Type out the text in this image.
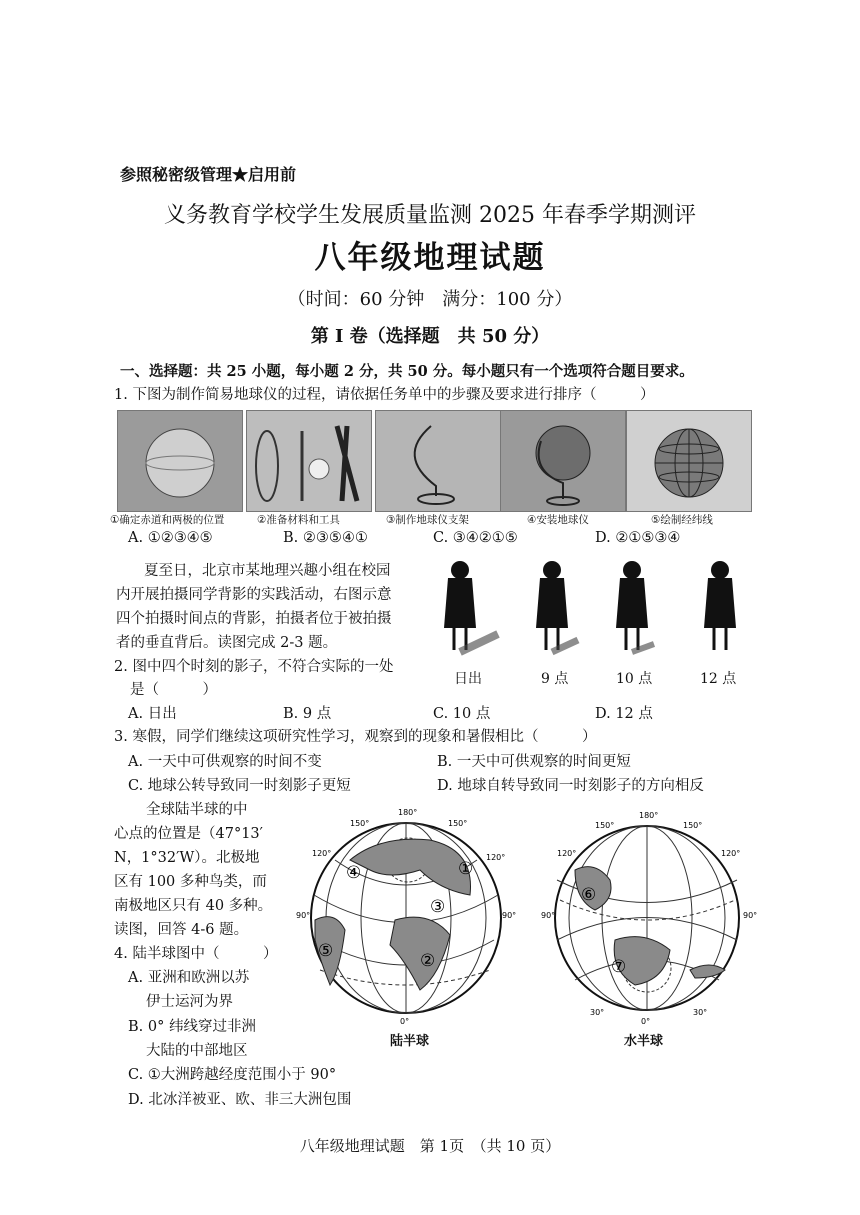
参照秘密级管理★启用前
义务教育学校学生发展质量监测 2025 年春季学期测评
八年级地理试题
（时间：60 分钟　满分：100 分）
第 I 卷（选择题　共 50 分）
一、选择题：共 25 小题，每小题 2 分，共 50 分。每小题只有一个选项符合题目要求。
1. 下图为制作简易地球仪的过程，请依据任务单中的步骤及要求进行排序（　　　）
①确定赤道和两极的位置	②准备材料和工具	③制作地球仪支架	④安装地球仪	⑤绘制经纬线
A. ①②③④⑤	B. ②③⑤④①	C. ③④②①⑤	D. ②①⑤③④
夏至日，北京市某地理兴趣小组在校园
内开展拍摄同学背影的实践活动，右图示意
四个拍摄时间点的背影，拍摄者位于被拍摄
者的垂直背后。读图完成 2-3 题。
日出	9 点	10 点	12 点
2. 图中四个时刻的影子，不符合实际的一处
是（　　　）
A. 日出	B. 9 点	C. 10 点	D. 12 点
3. 寒假，同学们继续这项研究性学习，观察到的现象和暑假相比（　　　）
A. 一天中可供观察的时间不变	B. 一天中可供观察的时间更短
C. 地球公转导致同一时刻影子更短	D. 地球自转导致同一时刻影子的方向相反
全球陆半球的中
心点的位置是（47°13′
N，1°32′W）。北极地
区有 100 多种鸟类，而
南极地区只有 40 多种。
读图，回答 4-6 题。
4. 陆半球图中（　　　）
A. 亚洲和欧洲以苏
伊士运河为界
B. 0° 纬线穿过非洲
大陆的中部地区
C. ①大洲跨越经度范围小于 90°
D. 北冰洋被亚、欧、非三大洲包围
①
②
③
④
⑤
180°
150°	150°
120°	120°
90°	90°
0°
陆半球
⑥
⑦
180°
150°	150°
120°	120°
90°	90°
30°	30°
0°
水半球
八年级地理试题　第 1页　（共 10 页）
